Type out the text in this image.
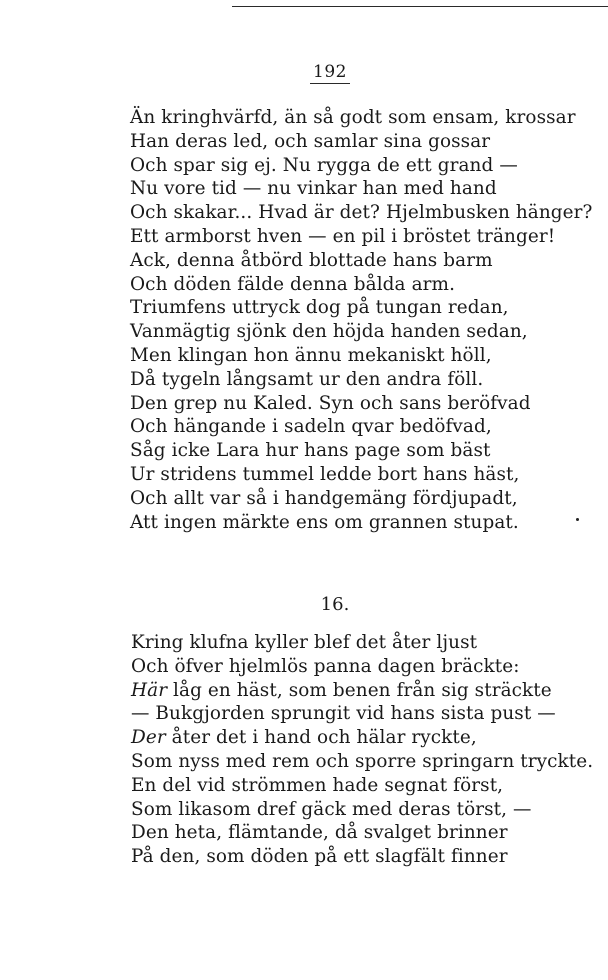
192
Än kringhvärfd, än så godt som ensam, krossar
Han deras led, och samlar sina gossar
Och spar sig ej. Nu rygga de ett grand —
Nu vore tid — nu vinkar han med hand
Och skakar... Hvad är det? Hjelmbusken hänger?
Ett armborst hven — en pil i bröstet tränger!
Ack, denna åtbörd blottade hans barm
Och döden fälde denna bålda arm.
Triumfens uttryck dog på tungan redan,
Vanmägtig sjönk den höjda handen sedan,
Men klingan hon ännu mekaniskt höll,
Då tygeln långsamt ur den andra föll.
Den grep nu Kaled. Syn och sans beröfvad
Och hängande i sadeln qvar bedöfvad,
Såg icke Lara hur hans page som bäst
Ur stridens tummel ledde bort hans häst,
Och allt var så i handgemäng fördjupadt,
Att ingen märkte ens om grannen stupat.
16.
Kring klufna kyller blef det åter ljust
Och öfver hjelmlös panna dagen bräckte:
Här låg en häst, som benen från sig sträckte
— Bukgjorden sprungit vid hans sista pust —
Der åter det i hand och hälar ryckte,
Som nyss med rem och sporre springarn tryckte.
En del vid strömmen hade segnat först,
Som likasom dref gäck med deras törst, —
Den heta, flämtande, då svalget brinner
På den, som döden på ett slagfält finner
